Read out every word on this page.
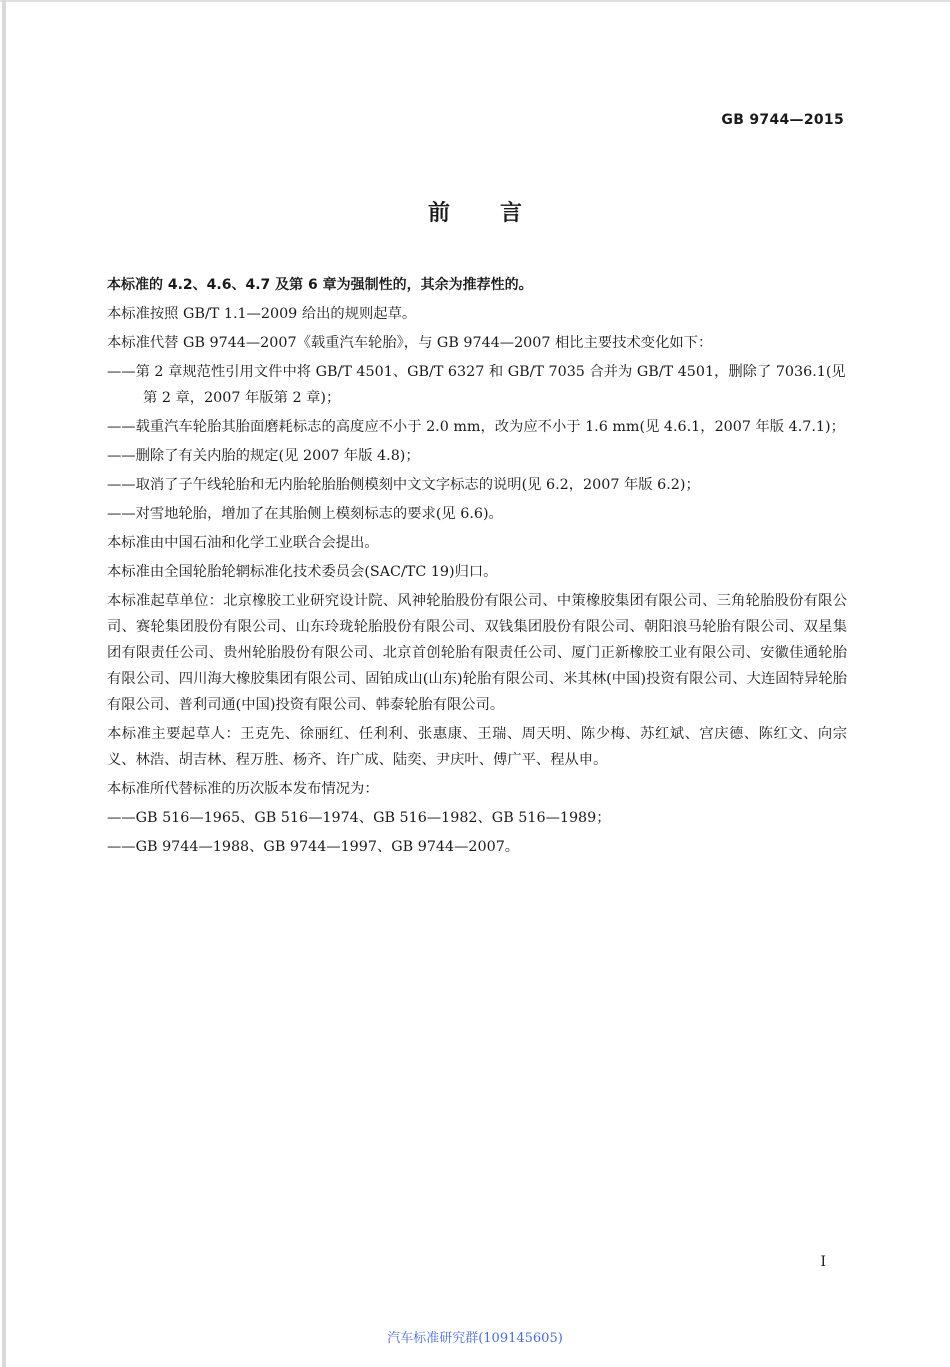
GB 9744—2015
前言

本标准的 4.2、4.6、4.7 及第 6 章为强制性的，其余为推荐性的。

本标准按照 GB/T 1.1—2009 给出的规则起草。

本标准代替 GB 9744—2007《载重汽车轮胎》，与 GB 9744—2007 相比主要技术变化如下：

——第 2 章规范性引用文件中将 GB/T 4501、GB/T 6327 和 GB/T 7035 合并为 GB/T 4501，删除了 7036.1(见第 2 章，2007 年版第 2 章)；

——载重汽车轮胎其胎面磨耗标志的高度应不小于 2.0 mm，改为应不小于 1.6 mm(见 4.6.1，2007 年版 4.7.1)；

——删除了有关内胎的规定(见 2007 年版 4.8)；

——取消了子午线轮胎和无内胎轮胎胎侧模刻中文文字标志的说明(见 6.2，2007 年版 6.2)；

——对雪地轮胎，增加了在其胎侧上模刻标志的要求(见 6.6)。

本标准由中国石油和化学工业联合会提出。

本标准由全国轮胎轮辋标准化技术委员会(SAC/TC 19)归口。

本标准起草单位：北京橡胶工业研究设计院、风神轮胎股份有限公司、中策橡胶集团有限公司、三角轮胎股份有限公司、赛轮集团股份有限公司、山东玲珑轮胎股份有限公司、双钱集团股份有限公司、朝阳浪马轮胎有限公司、双星集团有限责任公司、贵州轮胎股份有限公司、北京首创轮胎有限责任公司、厦门正新橡胶工业有限公司、安徽佳通轮胎有限公司、四川海大橡胶集团有限公司、固铂成山(山东)轮胎有限公司、米其林(中国)投资有限公司、大连固特异轮胎有限公司、普利司通(中国)投资有限公司、韩泰轮胎有限公司。

本标准主要起草人：王克先、徐丽红、任利利、张惠康、王瑞、周天明、陈少梅、苏红斌、宫庆德、陈红文、向宗义、林浩、胡吉林、程万胜、杨齐、许广成、陆奕、尹庆叶、傅广平、程从申。

本标准所代替标准的历次版本发布情况为：

——GB 516—1965、GB 516—1974、GB 516—1982、GB 516—1989；

——GB 9744—1988、GB 9744—1997、GB 9744—2007。

I
汽车标准研究群(109145605)
